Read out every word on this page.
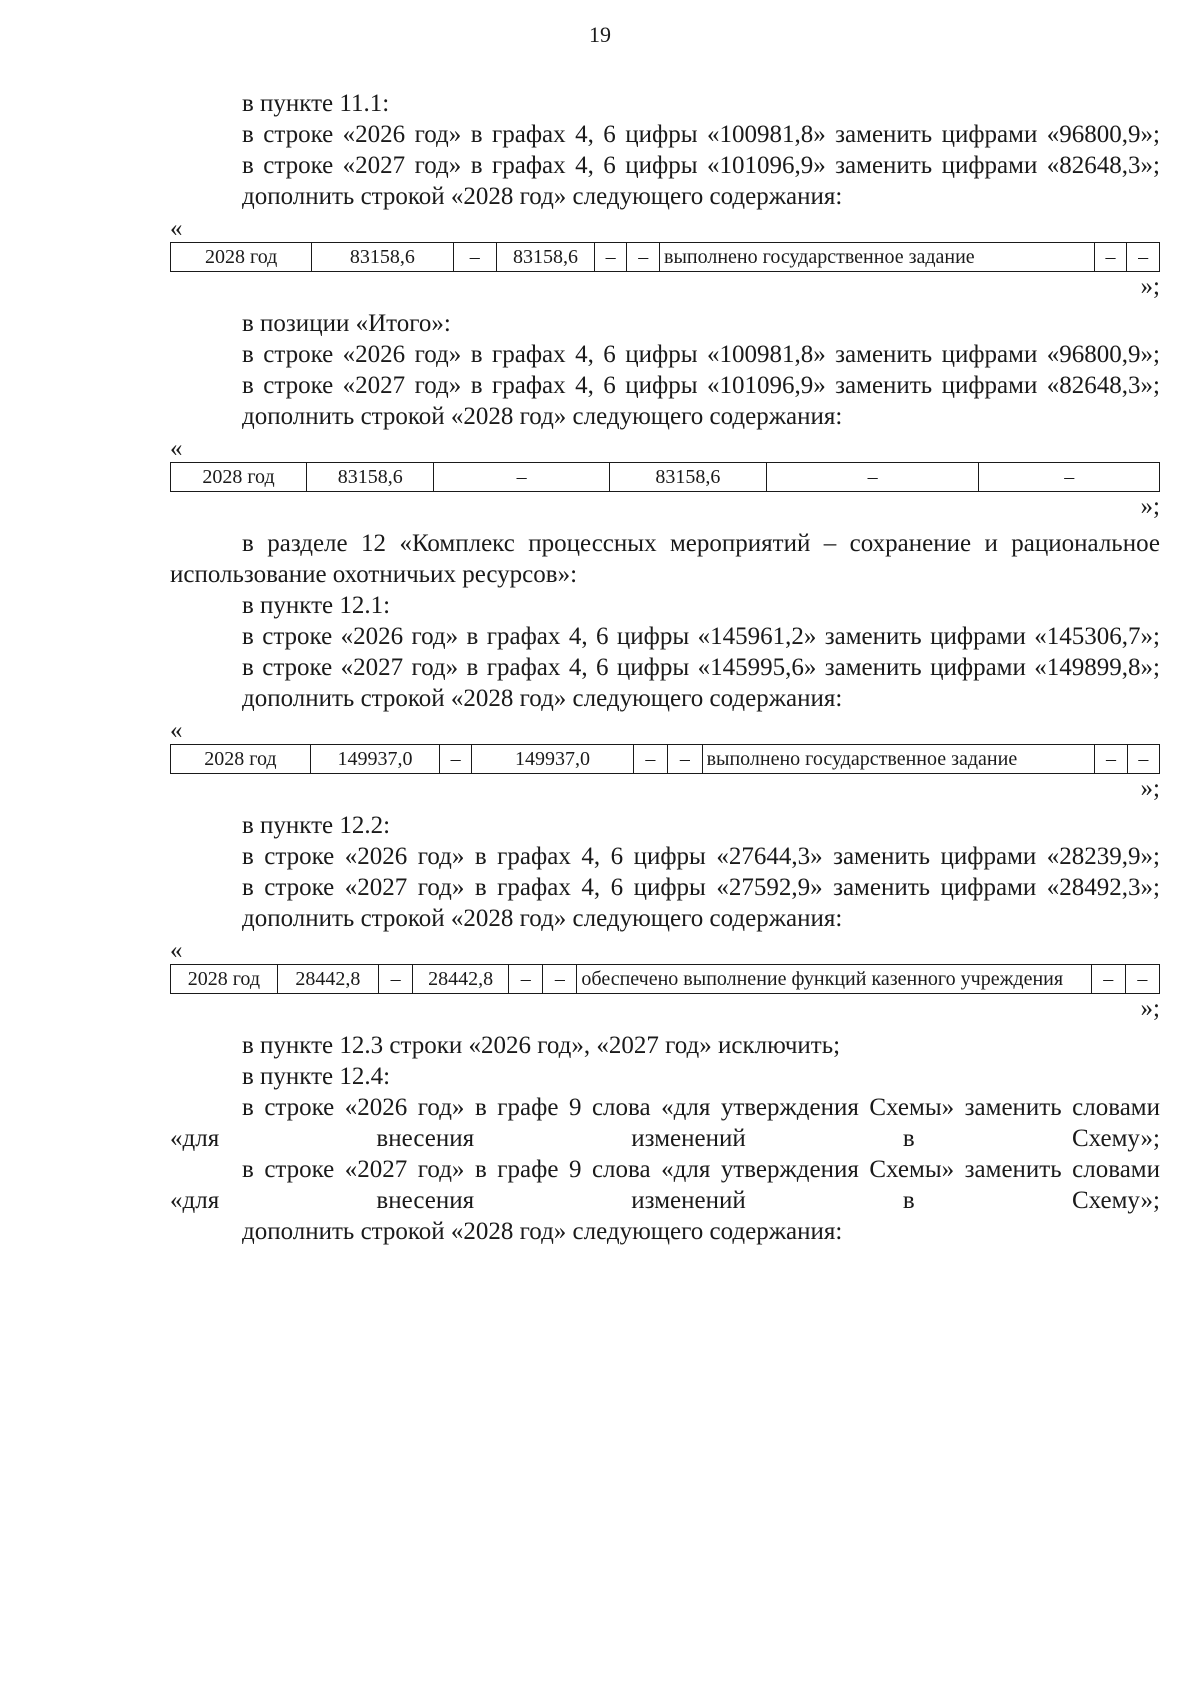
19

в пункте 11.1:

в строке «2026 год» в графах 4, 6 цифры «100981,8» заменить цифрами «96800,9»;

в строке «2027 год» в графах 4, 6 цифры «101096,9» заменить цифрами «82648,3»;

дополнить строкой «2028 год» следующего содержания:

«
2028 год	83158,6	–	83158,6	–	–	выполнено государственное задание	–	–
»;

в позиции «Итого»:

в строке «2026 год» в графах 4, 6 цифры «100981,8» заменить цифрами «96800,9»;

в строке «2027 год» в графах 4, 6 цифры «101096,9» заменить цифрами «82648,3»;

дополнить строкой «2028 год» следующего содержания:

«
2028 год	83158,6	–	83158,6	–	–
»;

в разделе 12 «Комплекс процессных мероприятий – сохранение и рациональное использование охотничьих ресурсов»:

в пункте 12.1:

в строке «2026 год» в графах 4, 6 цифры «145961,2» заменить цифрами «145306,7»;

в строке «2027 год» в графах 4, 6 цифры «145995,6» заменить цифрами «149899,8»;

дополнить строкой «2028 год» следующего содержания:

«
2028 год	149937,0	–	149937,0	–	–	выполнено государственное задание	–	–
»;

в пункте 12.2:

в строке «2026 год» в графах 4, 6 цифры «27644,3» заменить цифрами «28239,9»;

в строке «2027 год» в графах 4, 6 цифры «27592,9» заменить цифрами «28492,3»;

дополнить строкой «2028 год» следующего содержания:

«
2028 год	28442,8	–	28442,8	–	–	обеспечено выполнение функций казенного учреждения	–	–
»;

в пункте 12.3 строки «2026 год», «2027 год» исключить;

в пункте 12.4:

в строке «2026 год» в графе 9 слова «для утверждения Схемы» заменить словами «для внесения изменений в Схему»;

в строке «2027 год» в графе 9 слова «для утверждения Схемы» заменить словами «для внесения изменений в Схему»;

дополнить строкой «2028 год» следующего содержания:
